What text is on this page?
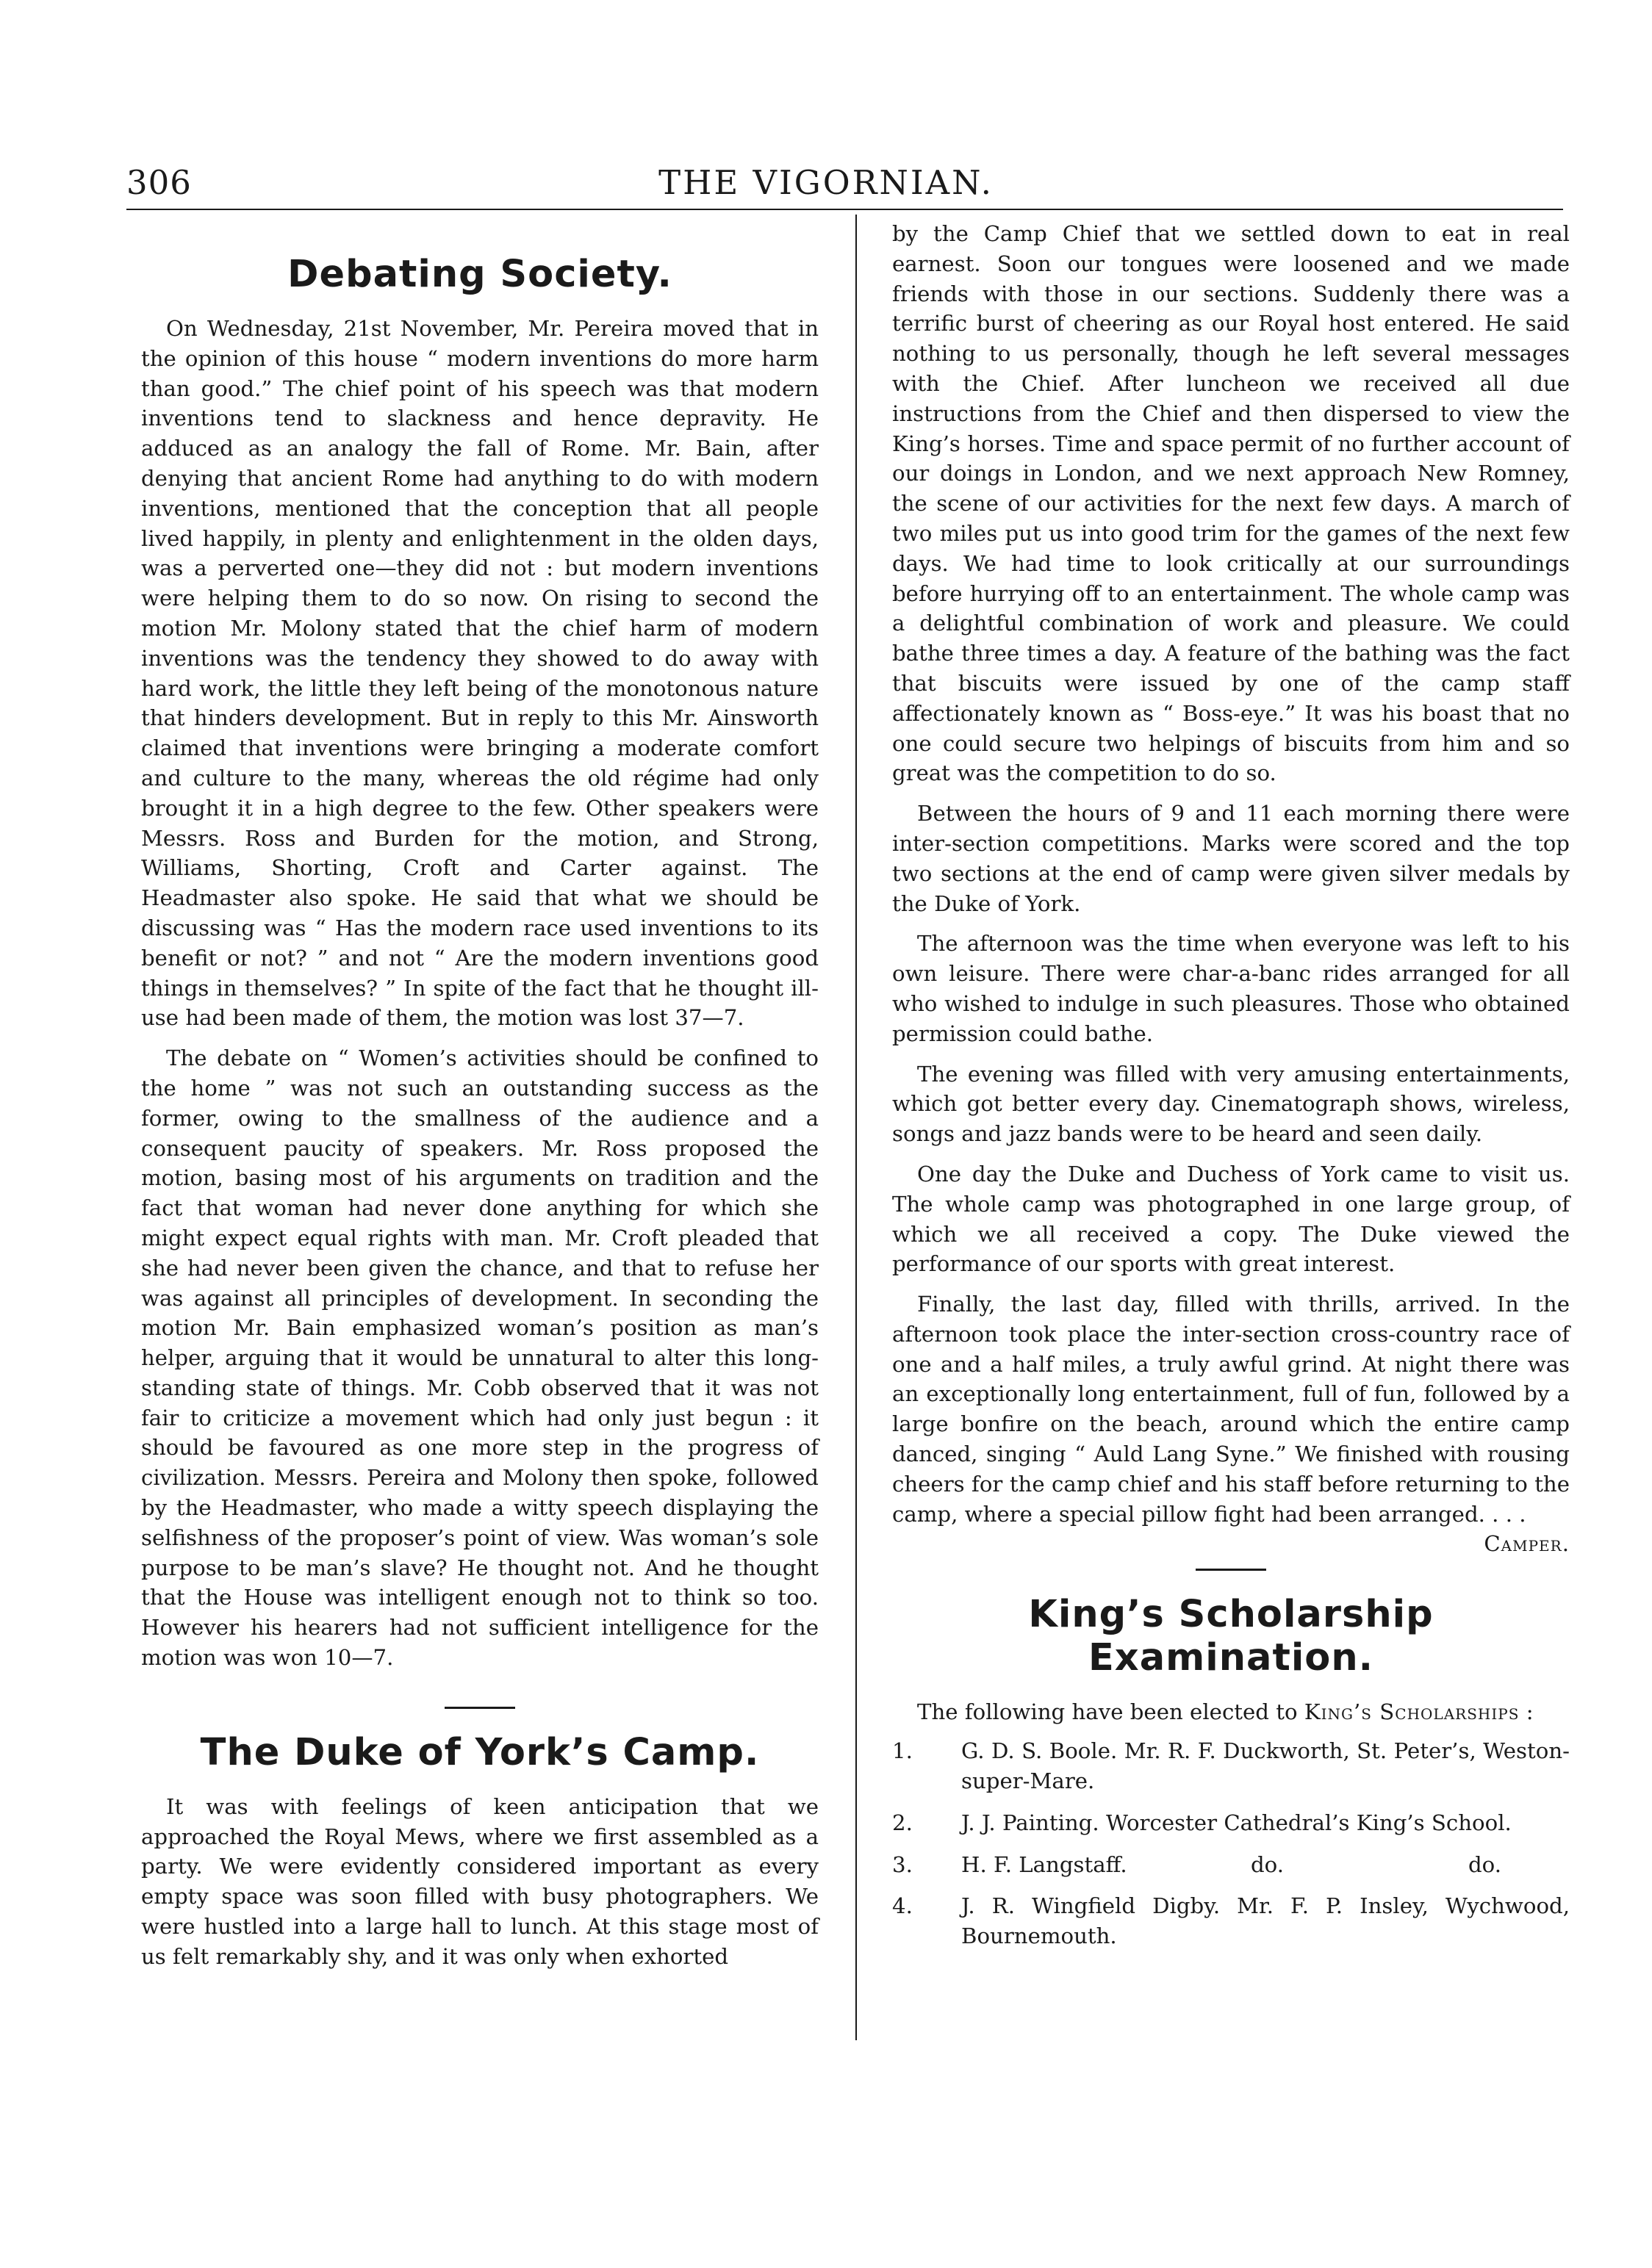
306	THE VIGORNIAN.
Debating Society.

On Wednesday, 21st November, Mr. Pereira moved that in the opinion of this house “ modern inventions do more harm than good.” The chief point of his speech was that modern inventions tend to slackness and hence depravity. He adduced as an analogy the fall of Rome. Mr. Bain, after denying that ancient Rome had anything to do with modern inventions, mentioned that the conception that all people lived happily, in plenty and enlightenment in the olden days, was a perverted one—they did not : but modern inventions were helping them to do so now. On rising to second the motion Mr. Molony stated that the chief harm of modern inventions was the tendency they showed to do away with hard work, the little they left being of the monotonous nature that hinders development. But in reply to this Mr. Ainsworth claimed that inventions were bringing a moderate comfort and culture to the many, whereas the old régime had only brought it in a high degree to the few. Other speakers were Messrs. Ross and Burden for the motion, and Strong, Williams, Shorting, Croft and Carter against. The Headmaster also spoke. He said that what we should be discussing was “ Has the modern race used inventions to its benefit or not? ” and not “ Are the modern inventions good things in themselves? ” In spite of the fact that he thought ill-use had been made of them, the motion was lost 37—7.

The debate on “ Women’s activities should be confined to the home ” was not such an outstanding success as the former, owing to the smallness of the audience and a consequent paucity of speakers. Mr. Ross proposed the motion, basing most of his arguments on tradition and the fact that woman had never done anything for which she might expect equal rights with man. Mr. Croft pleaded that she had never been given the chance, and that to refuse her was against all principles of development. In seconding the motion Mr. Bain emphasized woman’s position as man’s helper, arguing that it would be unnatural to alter this long-standing state of things. Mr. Cobb observed that it was not fair to criticize a movement which had only just begun : it should be favoured as one more step in the progress of civilization. Messrs. Pereira and Molony then spoke, followed by the Headmaster, who made a witty speech displaying the selfishness of the proposer’s point of view. Was woman’s sole purpose to be man’s slave? He thought not. And he thought that the House was intelligent enough not to think so too. However his hearers had not sufficient intelligence for the motion was won 10—7.

The Duke of York’s Camp.

It was with feelings of keen anticipation that we approached the Royal Mews, where we first assembled as a party. We were evidently considered important as every empty space was soon filled with busy photographers. We were hustled into a large hall to lunch. At this stage most of us felt remarkably shy, and it was only when exhorted

by the Camp Chief that we settled down to eat in real earnest. Soon our tongues were loosened and we made friends with those in our sections. Suddenly there was a terrific burst of cheering as our Royal host entered. He said nothing to us personally, though he left several messages with the Chief. After luncheon we received all due instructions from the Chief and then dispersed to view the King’s horses. Time and space permit of no further account of our doings in London, and we next approach New Romney, the scene of our activities for the next few days. A march of two miles put us into good trim for the games of the next few days. We had time to look critically at our surroundings before hurrying off to an entertainment. The whole camp was a delightful combination of work and pleasure. We could bathe three times a day. A feature of the bathing was the fact that biscuits were issued by one of the camp staff affectionately known as “ Boss-eye.” It was his boast that no one could secure two helpings of biscuits from him and so great was the competition to do so.

Between the hours of 9 and 11 each morning there were inter-section competitions. Marks were scored and the top two sections at the end of camp were given silver medals by the Duke of York.

The afternoon was the time when everyone was left to his own leisure. There were char-a-banc rides arranged for all who wished to indulge in such pleasures. Those who obtained permission could bathe.

The evening was filled with very amusing entertainments, which got better every day. Cinematograph shows, wireless, songs and jazz bands were to be heard and seen daily.

One day the Duke and Duchess of York came to visit us. The whole camp was photographed in one large group, of which we all received a copy. The Duke viewed the performance of our sports with great interest.

Finally, the last day, filled with thrills, arrived. In the afternoon took place the inter-section cross-country race of one and a half miles, a truly awful grind. At night there was an exceptionally long entertainment, full of fun, followed by a large bonfire on the beach, around which the entire camp danced, singing “ Auld Lang Syne.” We finished with rousing cheers for the camp chief and his staff before returning to the camp, where a special pillow fight had been arranged. . . .
Camper.

King’s Scholarship Examination.
The following have been elected to King’s Scholarships :
1. G. D. S. Boole. Mr. R. F. Duckworth, St. Peter’s, Weston-super-Mare.
2. J. J. Painting. Worcester Cathedral’s King’s School.
3. H. F. Langstaff.	do.	do.
4. J. R. Wingfield Digby. Mr. F. P. Insley, Wychwood, Bournemouth.
